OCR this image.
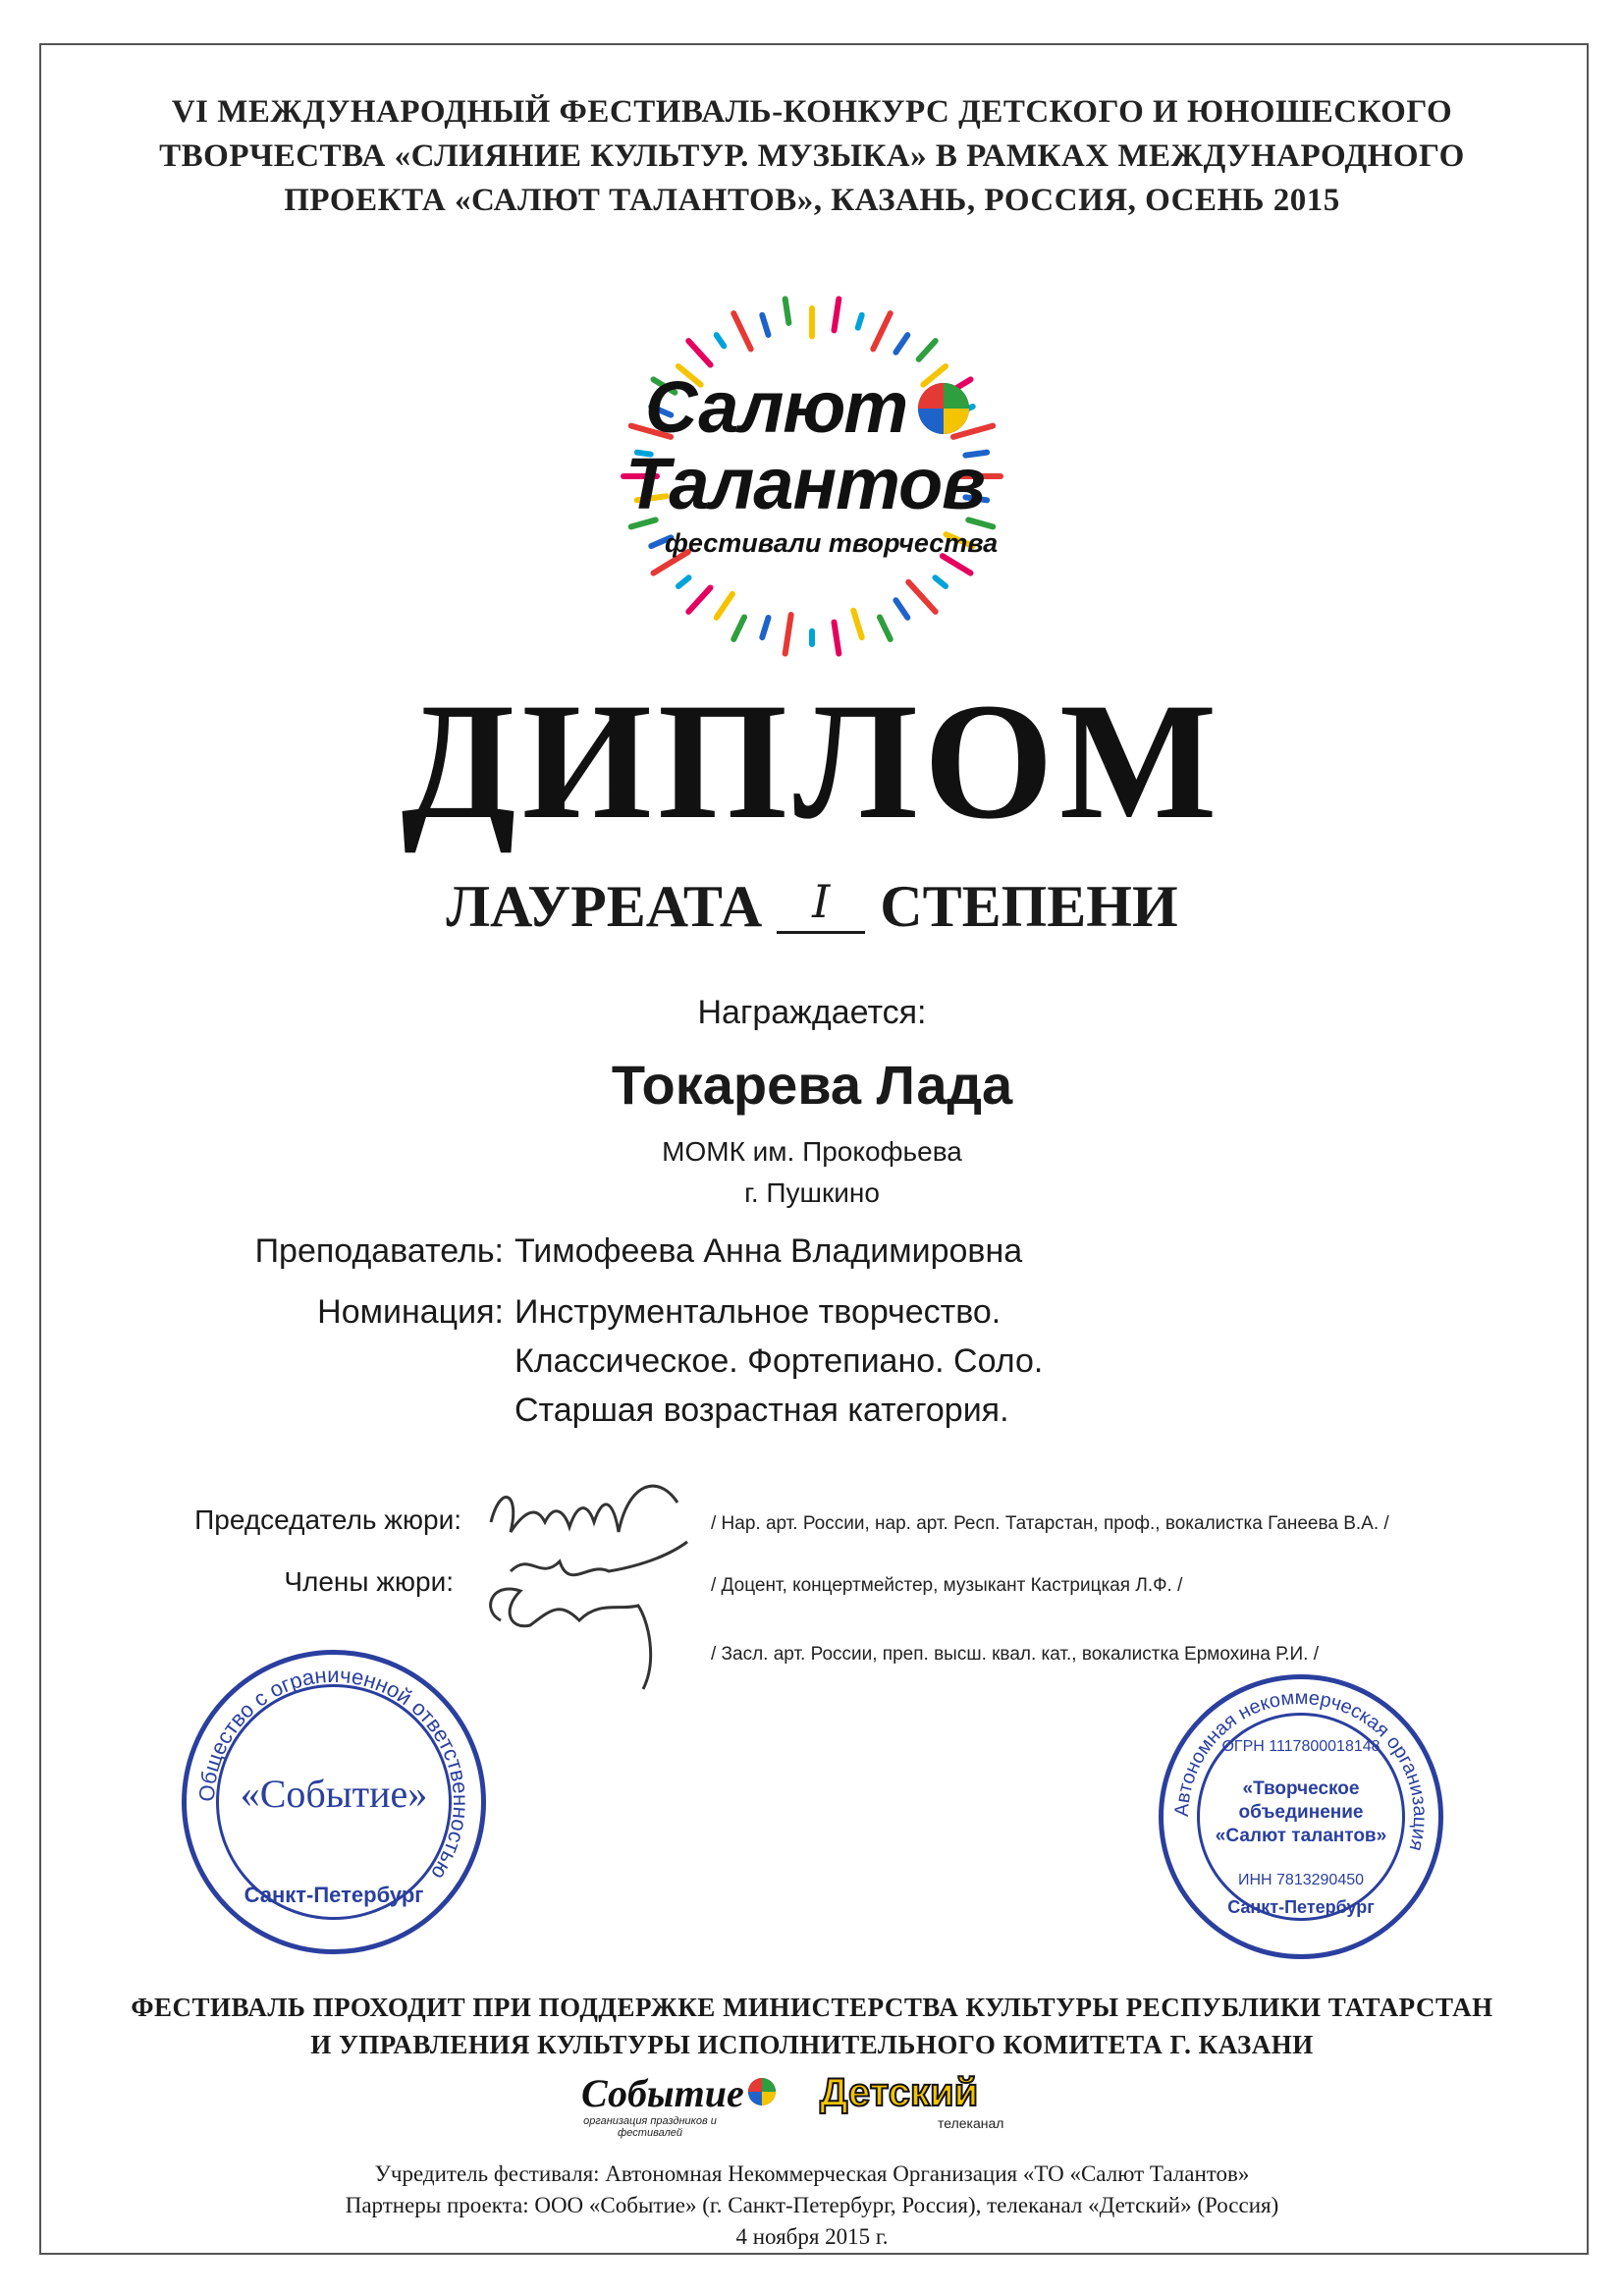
VI МЕЖДУНАРОДНЫЙ ФЕСТИВАЛЬ-КОНКУРС ДЕТСКОГО И ЮНОШЕСКОГО
ТВОРЧЕСТВА «СЛИЯНИЕ КУЛЬТУР. МУЗЫКА» В РАМКАХ МЕЖДУНАРОДНОГО
ПРОЕКТА «САЛЮТ ТАЛАНТОВ», КАЗАНЬ, РОССИЯ, ОСЕНЬ 2015
Салют
Талантов
фестивали творчества
ДИПЛОМ
ЛАУРЕАТА I СТЕПЕНИ
Награждается:
Токарева Лада
МОМК им. Прокофьева
г. Пушкино
Преподаватель: Тимофеева Анна Владимировна
Номинация: Инструментальное творчество.
Классическое. Фортепиано. Соло.
Старшая возрастная категория.
Председатель жюри:	/ Нар. арт. России, нар. арт. Респ. Татарстан, проф., вокалистка Ганеева В.А. /
Члены жюри:	/ Доцент, концертмейстер, музыкант Кастрицкая Л.Ф. /
/ Засл. арт. России, преп. высш. квал. кат., вокалистка Ермохина Р.И. /
Общество с ограниченной ответственностью
«Событие»
Санкт-Петербург
Автономная некоммерческая организация
ОГРН 1117800018148
«Творческое
объединение
«Салют талантов»
ИНН 7813290450
Санкт-Петербург
ФЕСТИВАЛЬ ПРОХОДИТ ПРИ ПОДДЕРЖКЕ МИНИСТЕРСТВА КУЛЬТУРЫ РЕСПУБЛИКИ ТАТАРСТАН
И УПРАВЛЕНИЯ КУЛЬТУРЫ ИСПОЛНИТЕЛЬНОГО КОМИТЕТА Г. КАЗАНИ
Событие
организация праздников и фестивалей
Детский
телеканал
Учредитель фестиваля: Автономная Некоммерческая Организация «ТО «Салют Талантов»
Партнеры проекта: ООО «Событие» (г. Санкт-Петербург, Россия), телеканал «Детский» (Россия)
4 ноября 2015 г.
